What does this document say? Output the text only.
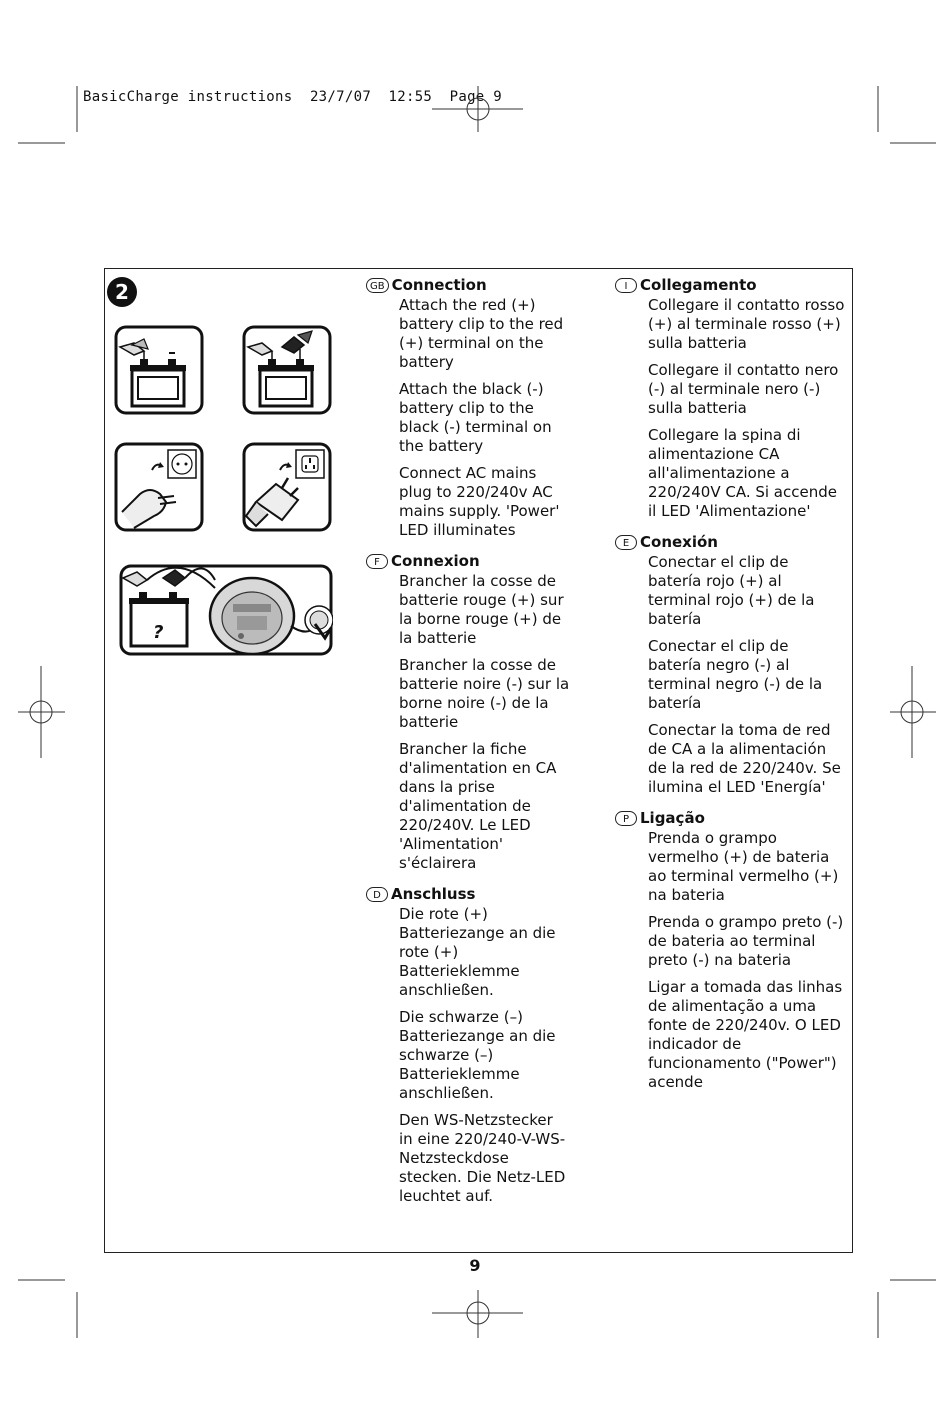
BasicCharge instructions  23/7/07  12:55  Page 9
2
?
GB Connection

Attach the red (+) battery clip to the red (+) terminal on the battery

Attach the black (-) battery clip to the black (-) terminal on the battery

Connect AC mains plug to 220/240v AC mains supply. 'Power' LED illuminates

F Connexion

Brancher la cosse de batterie rouge (+) sur la borne rouge (+) de la batterie

Brancher la cosse de batterie noire (-) sur la borne noire (-) de la batterie

Brancher la fiche d'alimentation en CA dans la prise d'alimentation de 220/240V. Le LED 'Alimentation' s'éclairera

D Anschluss

Die rote (+) Batteriezange an die rote (+) Batterieklemme anschließen.

Die schwarze (–) Batteriezange an die schwarze (–) Batterieklemme anschließen.

Den WS-Netzstecker in eine 220/240-V-WS-Netzsteckdose stecken. Die Netz-LED leuchtet auf.

I Collegamento

Collegare il contatto rosso (+) al terminale rosso (+) sulla batteria

Collegare il contatto nero (-) al terminale nero (-) sulla batteria

Collegare la spina di alimentazione CA all'alimentazione a 220/240V CA. Si accende il LED 'Alimentazione'

E Conexión

Conectar el clip de batería rojo (+) al terminal rojo (+) de la batería

Conectar el clip de batería negro (-) al terminal negro (-) de la batería

Conectar la toma de red de CA a la alimentación de la red de 220/240v. Se ilumina el LED 'Energía'

P Ligação

Prenda o grampo vermelho (+) de bateria ao terminal vermelho (+) na bateria

Prenda o grampo preto (-) de bateria ao terminal preto (-) na bateria

Ligar a tomada das linhas de alimentação a uma fonte de 220/240v. O LED indicador de funcionamento ("Power") acende

9
